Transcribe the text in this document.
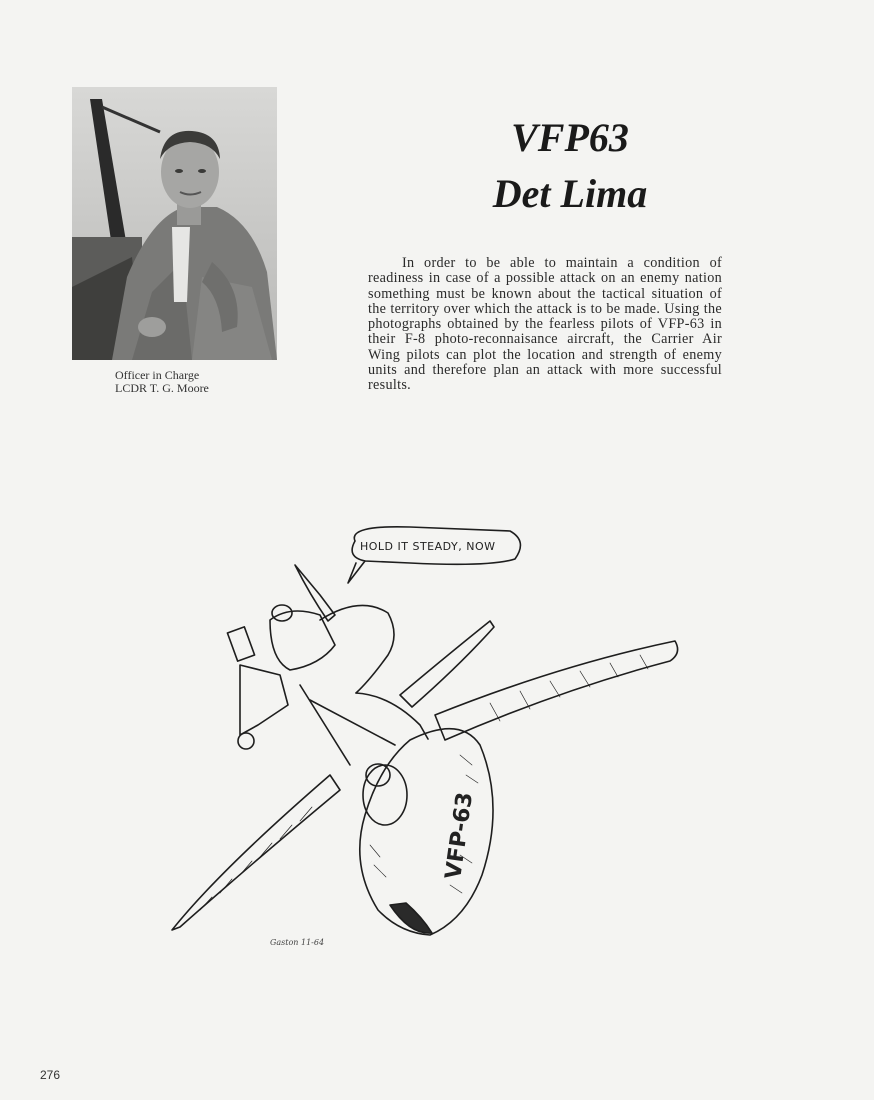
Officer in Charge
LCDR T. G. Moore
VFP63
Det Lima
In order to be able to maintain a condition of readiness in case of a possible attack on an enemy nation something must be known about the tactical situation of the territory over which the attack is to be made. Using the photographs obtained by the fearless pilots of VFP-63 in their F-8 photo-reconnaisance aircraft, the Carrier Air Wing pilots can plot the location and strength of enemy units and therefore plan an attack with more successful results.
HOLD IT STEADY, NOW
VFP-63
Gaston 11-64
276
